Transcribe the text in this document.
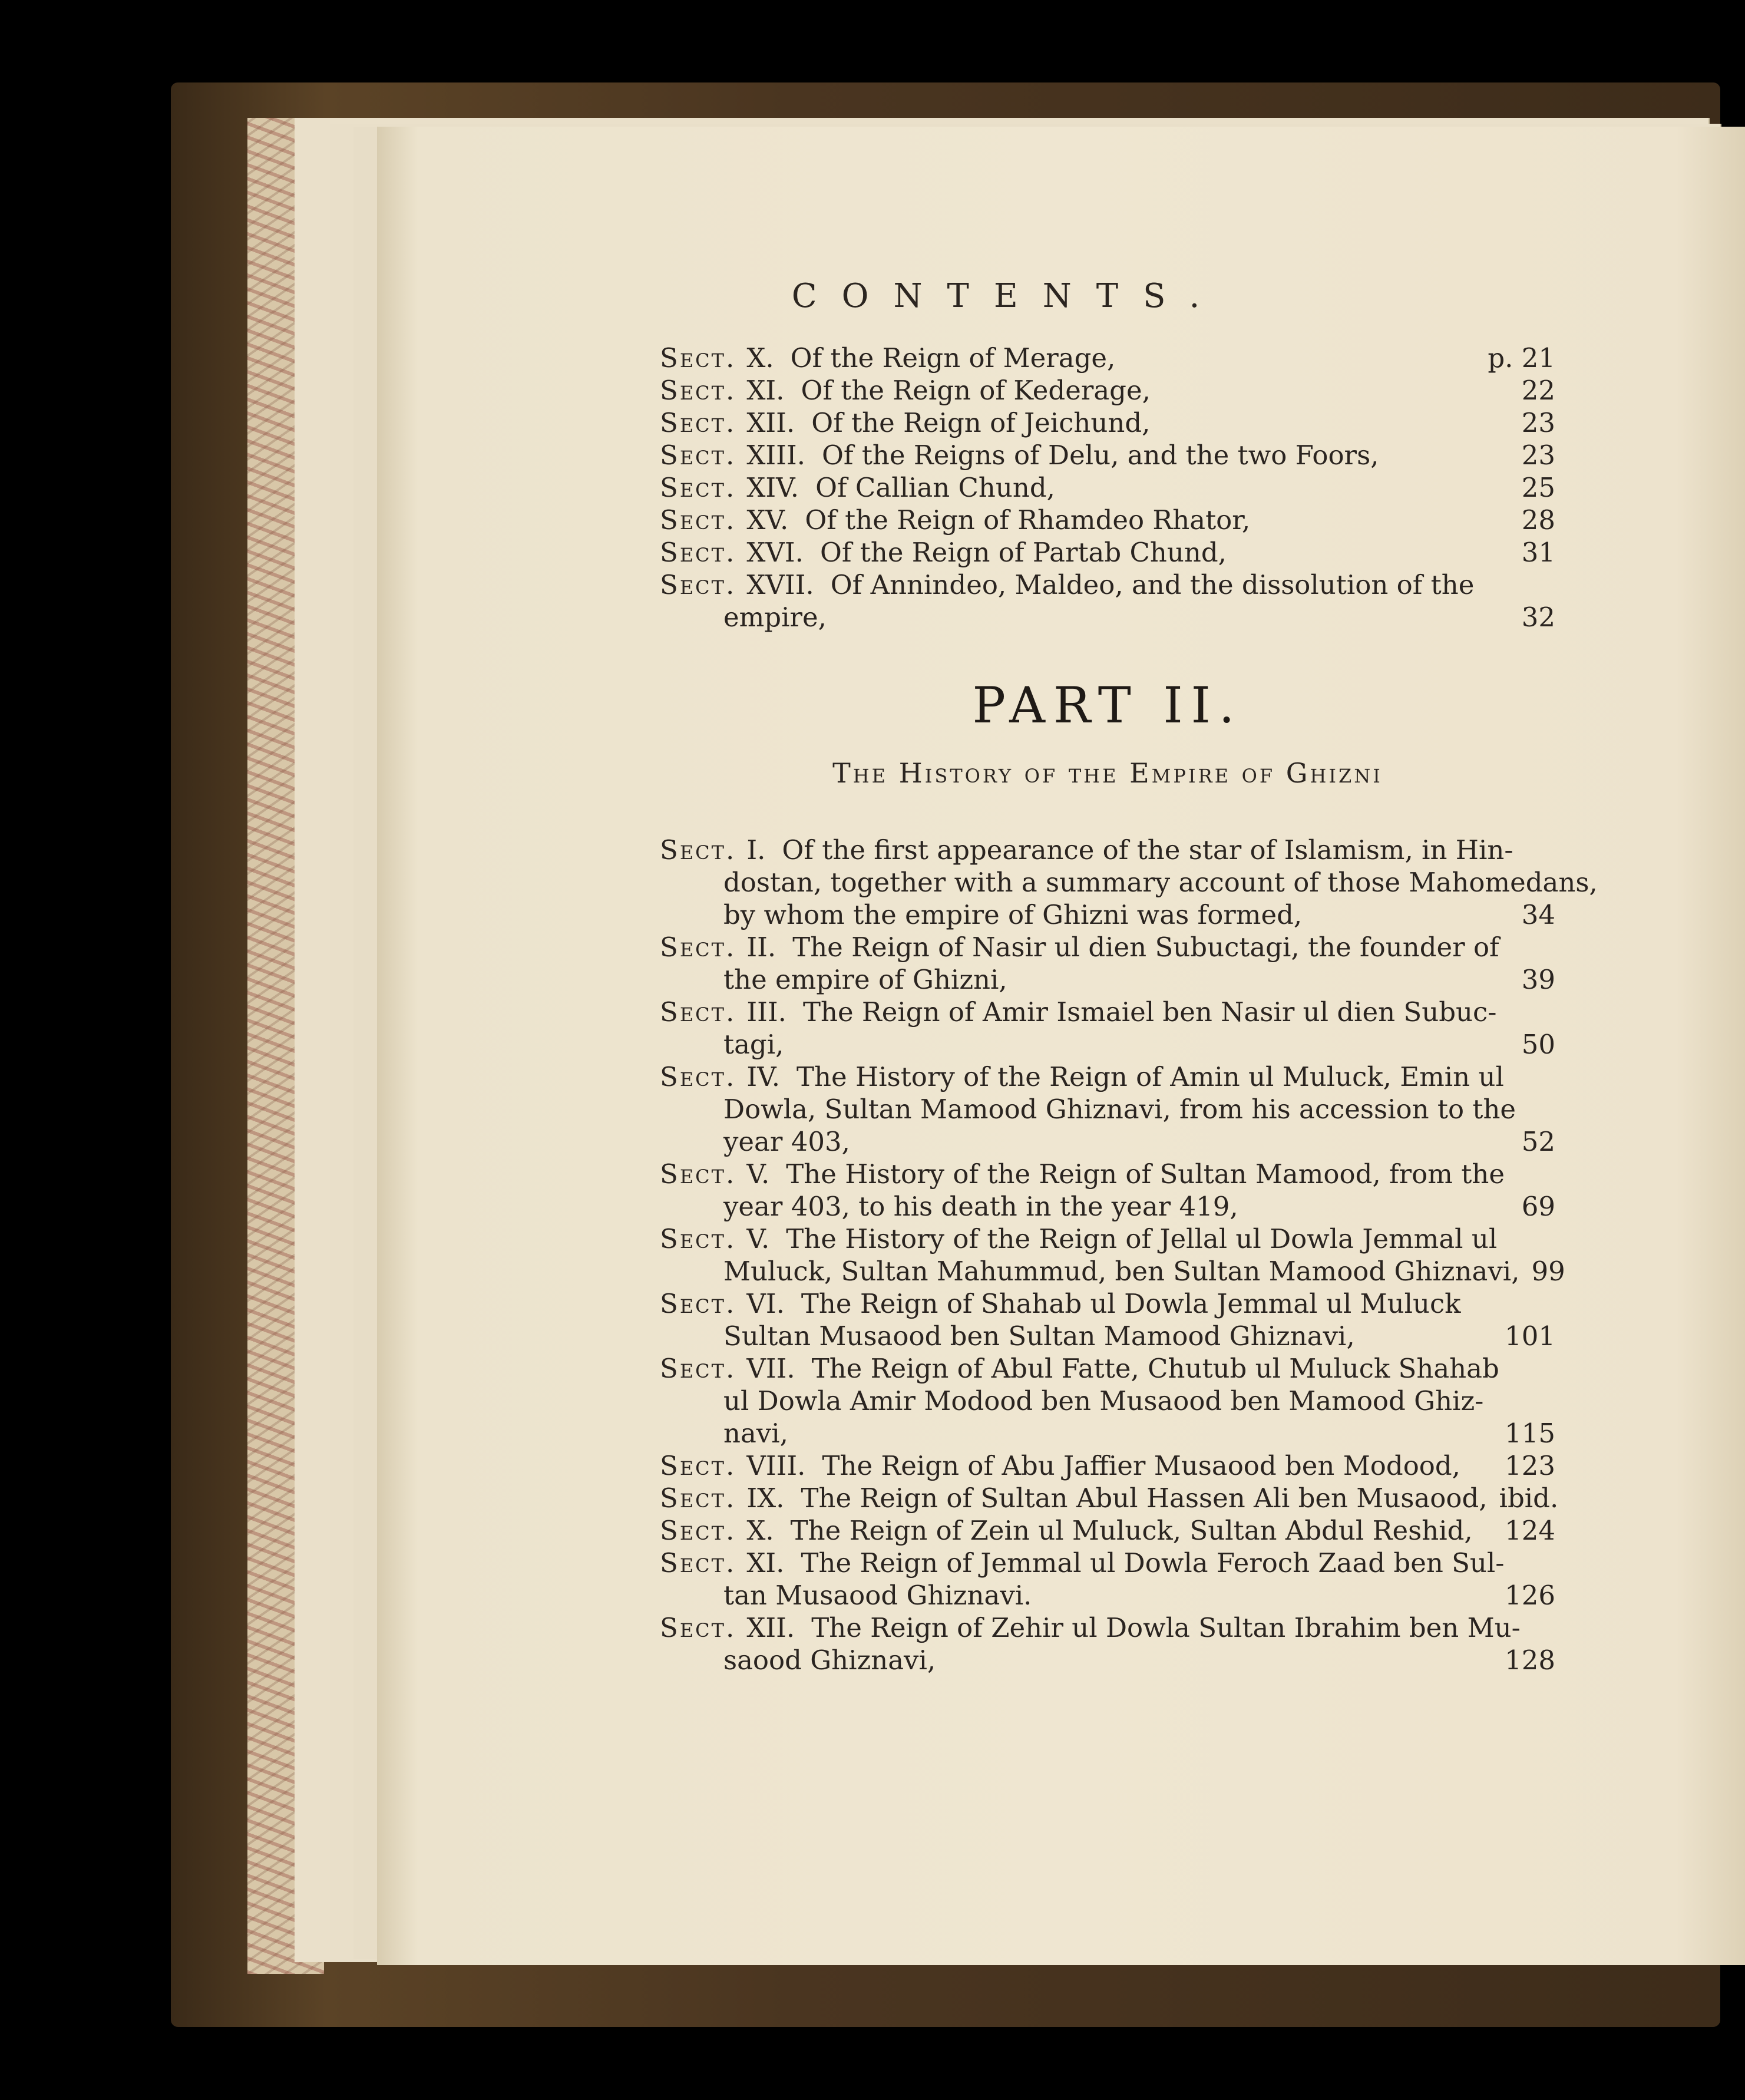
CONTENTS.
Sect. X. Of the Reign of Merage,	p. 21
Sect. XI. Of the Reign of Kederage,	22
Sect. XII. Of the Reign of Jeichund,	23
Sect. XIII. Of the Reigns of Delu, and the two Foors,	23
Sect. XIV. Of Callian Chund,	25
Sect. XV. Of the Reign of Rhamdeo Rhator,	28
Sect. XVI. Of the Reign of Partab Chund,	31
Sect. XVII. Of Annindeo, Maldeo, and the dissolution of the
empire,	32
PART II.
The History of the Empire of Ghizni
Sect. I. Of the first appearance of the star of Islamism, in Hin-
dostan, together with a summary account of those Mahomedans,
by whom the empire of Ghizni was formed,	34
Sect. II. The Reign of Nasir ul dien Subuctagi, the founder of
the empire of Ghizni,	39
Sect. III. The Reign of Amir Ismaiel ben Nasir ul dien Subuc-
tagi,	50
Sect. IV. The History of the Reign of Amin ul Muluck, Emin ul
Dowla, Sultan Mamood Ghiznavi, from his accession to the
year 403,	52
Sect. V. The History of the Reign of Sultan Mamood, from the
year 403, to his death in the year 419,	69
Sect. V. The History of the Reign of Jellal ul Dowla Jemmal ul
Muluck, Sultan Mahummud, ben Sultan Mamood Ghiznavi, 99
Sect. VI. The Reign of Shahab ul Dowla Jemmal ul Muluck
Sultan Musaood ben Sultan Mamood Ghiznavi,	101
Sect. VII. The Reign of Abul Fatte, Chutub ul Muluck Shahab
ul Dowla Amir Modood ben Musaood ben Mamood Ghiz-
navi,	115
Sect. VIII. The Reign of Abu Jaffier Musaood ben Modood,	123
Sect. IX. The Reign of Sultan Abul Hassen Ali ben Musaood, ibid.
Sect. X. The Reign of Zein ul Muluck, Sultan Abdul Reshid,	124
Sect. XI. The Reign of Jemmal ul Dowla Feroch Zaad ben Sul-
tan Musaood Ghiznavi.	126
Sect. XII. The Reign of Zehir ul Dowla Sultan Ibrahim ben Mu-
saood Ghiznavi,	128
